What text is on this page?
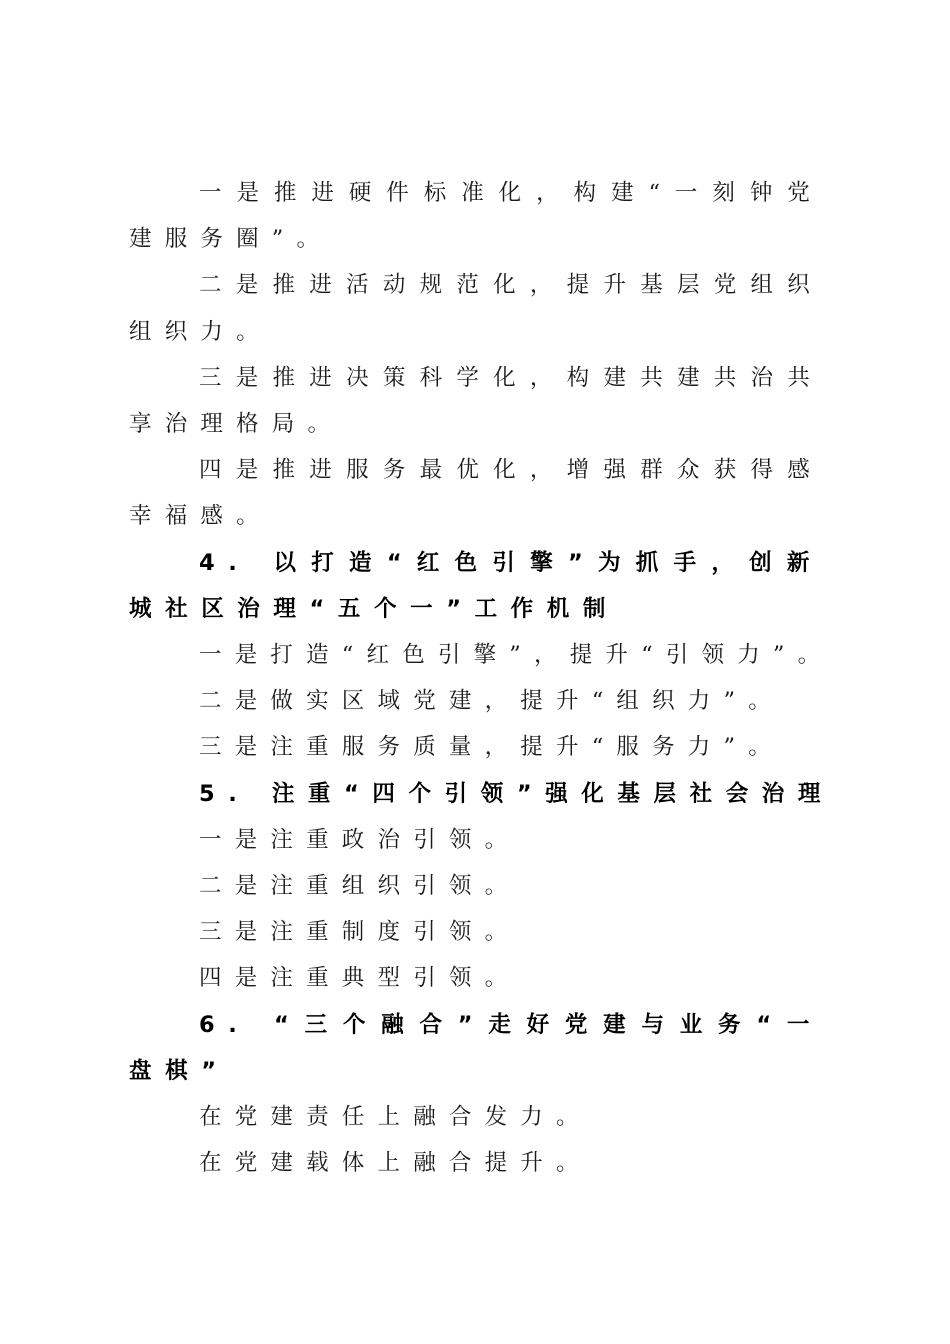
一是推进硬件标准化，构建“一刻钟党建服务圈”。

二是推进活动规范化，提升基层党组织组织力。

三是推进决策科学化，构建共建共治共享治理格局。

四是推进服务最优化，增强群众获得感幸福感。

4. 以打造“红色引擎”为抓手，创新城社区治理“五个一”工作机制

一是打造“红色引擎”，提升“引领力”。

二是做实区域党建，提升“组织力”。

三是注重服务质量，提升“服务力”。

5. 注重“四个引领”强化基层社会治理

一是注重政治引领。

二是注重组织引领。

三是注重制度引领。

四是注重典型引领。

6. “三个融合”走好党建与业务“一盘棋”

在党建责任上融合发力。

在党建载体上融合提升。
